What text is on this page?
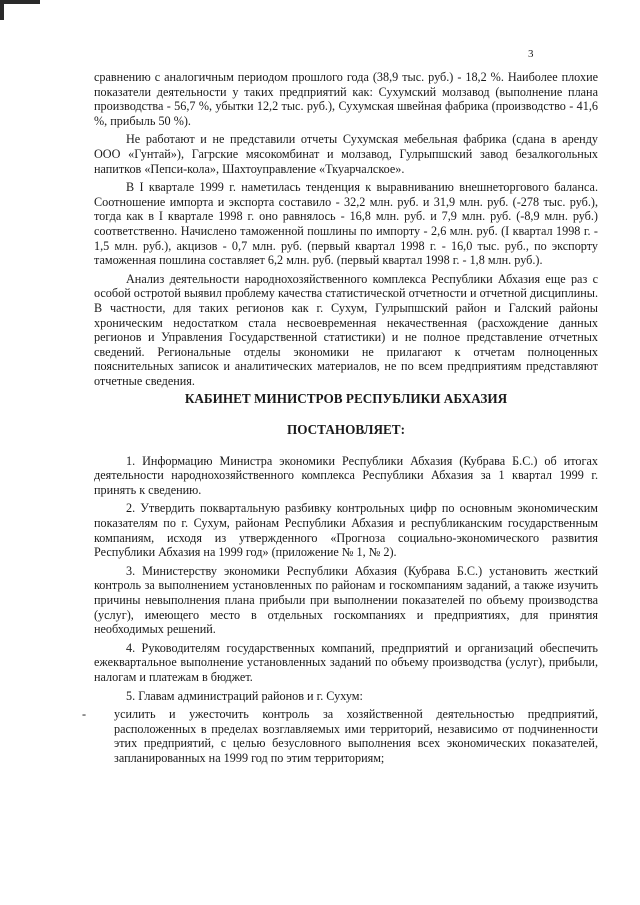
3

сравнению с аналогичным периодом прошлого года (38,9 тыс. руб.) - 18,2 %. Наиболее плохие показатели деятельности у таких предприятий как: Сухумский молзавод (выполнение плана производства - 56,7 %, убытки 12,2 тыс. руб.), Сухумская швейная фабрика (производство - 41,6 %, прибыль 50 %).

Не работают и не представили отчеты Сухумская мебельная фабрика (сдана в аренду ООО «Гунтай»), Гагрские мясокомбинат и молзавод, Гулрыпшский завод безалкогольных напитков «Пепси-кола», Шахтоуправление «Ткуарчалское».

В I квартале 1999 г. наметилась тенденция к выравниванию внешнеторгового баланса. Соотношение импорта и экспорта составило - 32,2 млн. руб. и 31,9 млн. руб. (-278 тыс. руб.), тогда как в I квартале 1998 г. оно равнялось - 16,8 млн. руб. и 7,9 млн. руб. (-8,9 млн. руб.) соответственно. Начислено таможенной пошлины по импорту - 2,6 млн. руб. (I квартал 1998 г. - 1,5 млн. руб.), акцизов - 0,7 млн. руб. (первый квартал 1998 г. - 16,0 тыс. руб., по экспорту таможенная пошлина составляет 6,2 млн. руб. (первый квартал 1998 г. - 1,8 млн. руб.).

Анализ деятельности народнохозяйственного комплекса Республики Абхазия еще раз с особой остротой выявил проблему качества статистической отчетности и отчетной дисциплины. В частности, для таких регионов как г. Сухум, Гулрыпшский район и Галский районы хроническим недостатком стала несвоевременная некачественная (расхождение данных регионов и Управления Государственной статистики) и не полное представление отчетных сведений. Региональные отделы экономики не прилагают к отчетам полноценных пояснительных записок и аналитических материалов, не по всем предприятиям представляют отчетные сведения.

КАБИНЕТ МИНИСТРОВ РЕСПУБЛИКИ АБХАЗИЯ

ПОСТАНОВЛЯЕТ:

1. Информацию Министра экономики Республики Абхазия (Кубрава Б.С.) об итогах деятельности народнохозяйственного комплекса Республики Абхазия за 1 квартал 1999 г. принять к сведению.

2. Утвердить поквартальную разбивку контрольных цифр по основным экономическим показателям по г. Сухум, районам Республики Абхазия и республиканским государственным компаниям, исходя из утвержденного «Прогноза социально-экономического развития Республики Абхазия на 1999 год» (приложение № 1, № 2).

3. Министерству экономики Республики Абхазия (Кубрава Б.С.) установить жесткий контроль за выполнением установленных по районам и госкомпаниям заданий, а также изучить причины невыполнения плана прибыли при выполнении показателей по объему производства (услуг), имеющего место в отдельных госкомпаниях и предприятиях, для принятия необходимых решений.

4. Руководителям государственных компаний, предприятий и организаций обеспечить ежеквартальное выполнение установленных заданий по объему производства (услуг), прибыли, налогам и платежам в бюджет.

5. Главам администраций районов и г. Сухум:

- усилить и ужесточить контроль за хозяйственной деятельностью предприятий, расположенных в пределах возглавляемых ими территорий, независимо от подчиненности этих предприятий, с целью безусловного выполнения всех экономических показателей, запланированных на 1999 год по этим территориям;
